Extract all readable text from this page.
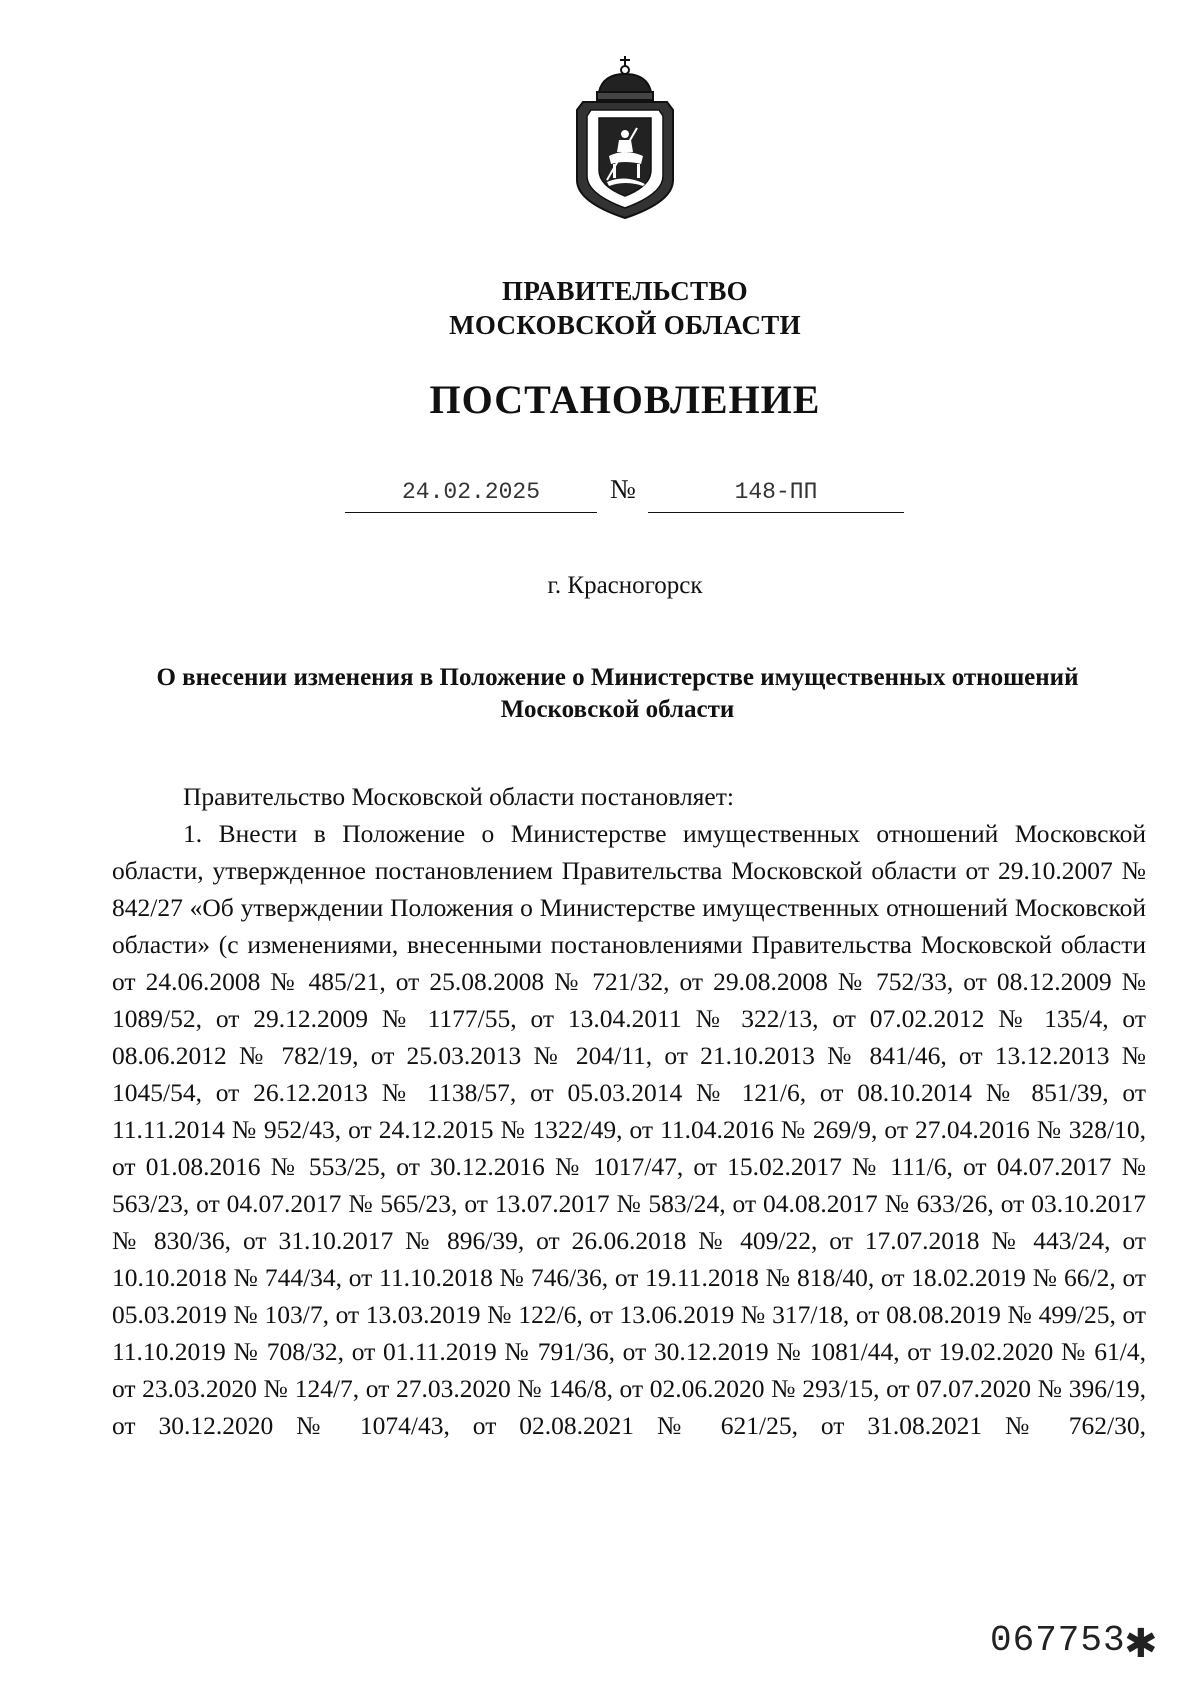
ПРАВИТЕЛЬСТВО
МОСКОВСКОЙ ОБЛАСТИ
ПОСТАНОВЛЕНИЕ
24.02.2025	№	148-ПП
г. Красногорск
О внесении изменения в Положение о Министерстве имущественных отношений Московской области

Правительство Московской области постановляет:

1. Внести в Положение о Министерстве имущественных отношений Московской области, утвержденное постановлением Правительства Московской области от 29.10.2007 № 842/27 «Об утверждении Положения о Министерстве имущественных отношений Московской области» (с изменениями, внесенными постановлениями Правительства Московской области от 24.06.2008 № 485/21, от 25.08.2008 № 721/32, от 29.08.2008 № 752/33, от 08.12.2009 № 1089/52, от 29.12.2009 № 1177/55, от 13.04.2011 № 322/13, от 07.02.2012 № 135/4, от 08.06.2012 № 782/19, от 25.03.2013 № 204/11, от 21.10.2013 № 841/46, от 13.12.2013 № 1045/54, от 26.12.2013 № 1138/57, от 05.03.2014 № 121/6, от 08.10.2014 № 851/39, от 11.11.2014 № 952/43, от 24.12.2015 № 1322/49, от 11.04.2016 № 269/9, от 27.04.2016 № 328/10, от 01.08.2016 № 553/25, от 30.12.2016 № 1017/47, от 15.02.2017 № 111/6, от 04.07.2017 № 563/23, от 04.07.2017 № 565/23, от 13.07.2017 № 583/24, от 04.08.2017 № 633/26, от 03.10.2017 № 830/36, от 31.10.2017 № 896/39, от 26.06.2018 № 409/22, от 17.07.2018 № 443/24, от 10.10.2018 № 744/34, от 11.10.2018 № 746/36, от 19.11.2018 № 818/40, от 18.02.2019 № 66/2, от 05.03.2019 № 103/7, от 13.03.2019 № 122/6, от 13.06.2019 № 317/18, от 08.08.2019 № 499/25, от 11.10.2019 № 708/32, от 01.11.2019 № 791/36, от 30.12.2019 № 1081/44, от 19.02.2020 № 61/4, от 23.03.2020 № 124/7, от 27.03.2020 № 146/8, от 02.06.2020 № 293/15, от 07.07.2020 № 396/19, от 30.12.2020 № 1074/43, от 02.08.2021 № 621/25, от 31.08.2021 № 762/30,

067753
✱
